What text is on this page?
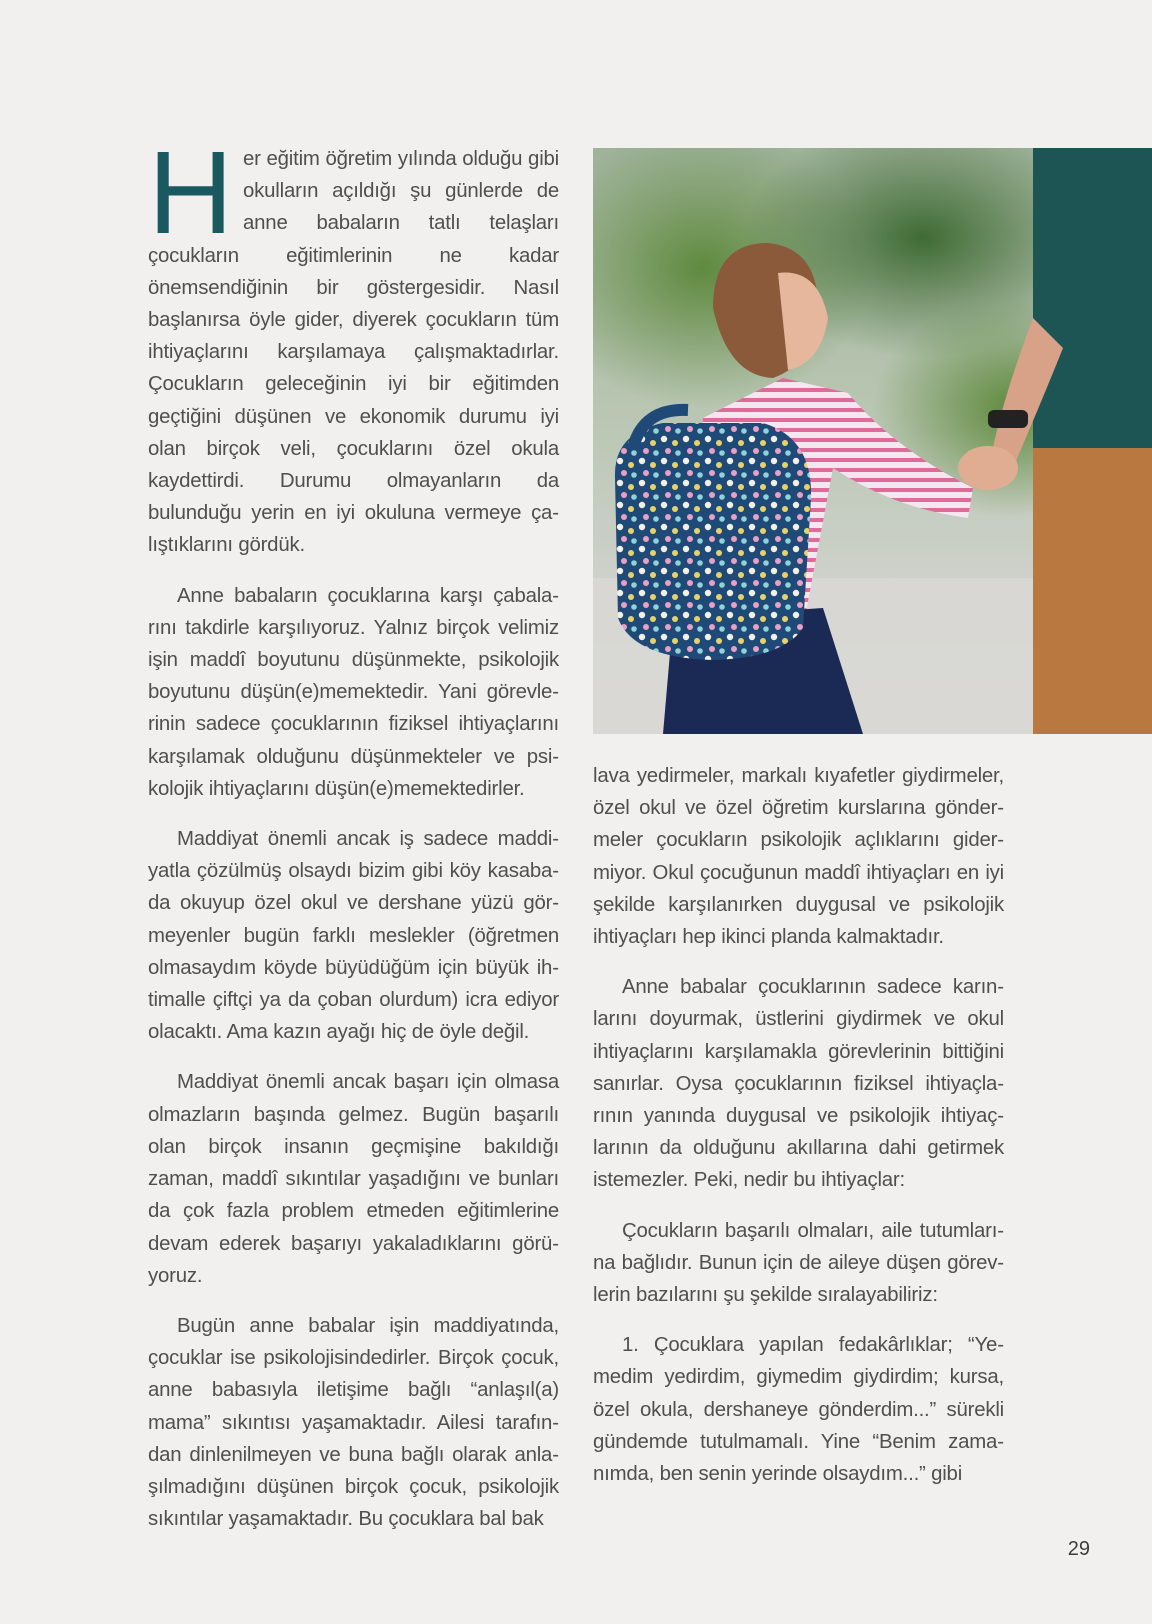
Her eğitim öğretim yılında olduğu gibi okulların açıldığı şu günlerde de anne babaların tatlı telaşları çocukların eğitimlerinin ne kadar önemsendiğinin bir göstergesidir. Nasıl başlanırsa öyle gider, diyerek çocukların tüm ihtiyaçlarını karşılamaya çalışmaktadırlar. Çocukların geleceğinin iyi bir eğitimden geçtiğini düşünen ve ekonomik durumu iyi olan birçok veli, çocuklarını özel okula kaydettirdi. Durumu olmayanların da bulunduğu yerin en iyi okuluna vermeye çalıştıklarını gördük.

Anne babaların çocuklarına karşı çabalarını takdirle karşılıyoruz. Yalnız birçok velimiz işin maddî boyutunu düşünmekte, psikolojik boyutunu düşün(e)memektedir. Yani görevlerinin sadece çocuklarının fiziksel ihtiyaçlarını karşılamak olduğunu düşünmekteler ve psikolojik ihtiyaçlarını düşün(e)memektedirler.

Maddiyat önemli ancak iş sadece maddiyatla çözülmüş olsaydı bizim gibi köy kasabada okuyup özel okul ve dershane yüzü görmeyenler bugün farklı meslekler (öğretmen olmasaydım köyde büyüdüğüm için büyük ihtimalle çiftçi ya da çoban olurdum) icra ediyor olacaktı. Ama kazın ayağı hiç de öyle değil.

Maddiyat önemli ancak başarı için olmasa olmazların başında gelmez. Bugün başarılı olan birçok insanın geçmişine bakıldığı zaman, maddî sıkıntılar yaşadığını ve bunları da çok fazla problem etmeden eğitimlerine devam ederek başarıyı yakaladıklarını görüyoruz.

Bugün anne babalar işin maddiyatında, çocuklar ise psikolojisindedirler. Birçok çocuk, anne babasıyla iletişime bağlı “anlaşıl(a) mama” sıkıntısı yaşamaktadır. Ailesi tarafından dinlenilmeyen ve buna bağlı olarak anlaşılmadığını düşünen birçok çocuk, psikolojik sıkıntılar yaşamaktadır. Bu çocuklara bal bak

lava yedirmeler, markalı kıyafetler giydirmeler, özel okul ve özel öğretim kurslarına göndermeler çocukların psikolojik açlıklarını gidermiyor. Okul çocuğunun maddî ihtiyaçları en iyi şekilde karşılanırken duygusal ve psikolojik ihtiyaçları hep ikinci planda kalmaktadır.

Anne babalar çocuklarının sadece karınlarını doyurmak, üstlerini giydirmek ve okul ihtiyaçlarını karşılamakla görevlerinin bittiğini sanırlar. Oysa çocuklarının fiziksel ihtiyaçlarının yanında duygusal ve psikolojik ihtiyaçlarının da olduğunu akıllarına dahi getirmek istemezler. Peki, nedir bu ihtiyaçlar:

Çocukların başarılı olmaları, aile tutumlarına bağlıdır. Bunun için de aileye düşen görevlerin bazılarını şu şekilde sıralayabiliriz:

1. Çocuklara yapılan fedakârlıklar; “Yemedim yedirdim, giymedim giydirdim; kursa, özel okula, dershaneye gönderdim...” sürekli gündemde tutulmamalı. Yine “Benim zamanımda, ben senin yerinde olsaydım...” gibi

29
